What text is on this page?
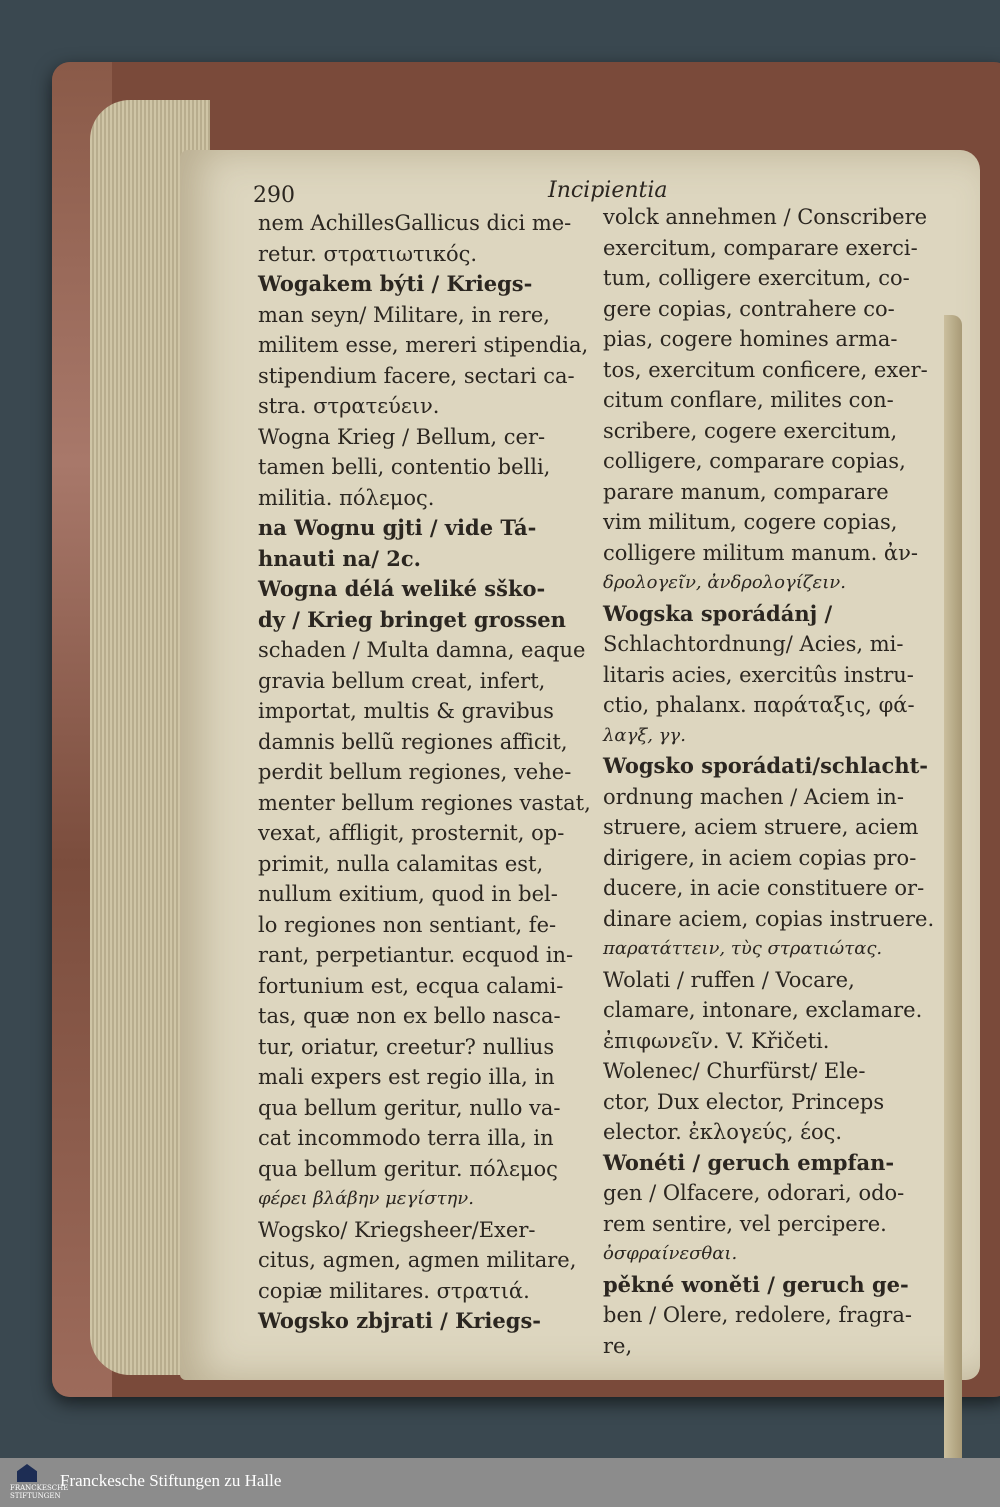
290	Incipientia
nem AchillesGallicus dici me-
retur. στρατιωτικός.
Wogakem býti / Kriegs-
man seyn/ Militare, in rere,
militem esse, mereri stipendia,
stipendium facere, sectari ca-
stra. στρατεύειν.
Wogna Krieg / Bellum, cer-
tamen belli, contentio belli,
militia. πόλεμος.
na Wognu gjti / vide Tá-
hnauti na/ 2c.
Wogna délá weliké sško-
dy / Krieg bringet grossen
schaden / Multa damna, eaque
gravia bellum creat, infert,
importat, multis & gravibus
damnis bellũ regiones afficit,
perdit bellum regiones, vehe-
menter bellum regiones vastat,
vexat, affligit, prosternit, op-
primit, nulla calamitas est,
nullum exitium, quod in bel-
lo regiones non sentiant, fe-
rant, perpetiantur. ecquod in-
fortunium est, ecqua calami-
tas, quæ non ex bello nasca-
tur, oriatur, creetur? nullius
mali expers est regio illa, in
qua bellum geritur, nullo va-
cat incommodo terra illa, in
qua bellum geritur. πόλεμος
φέρει βλάβην μεγίστην.
Wogsko/ Kriegsheer/Exer-
citus, agmen, agmen militare,
copiæ militares. στρατιά.
Wogsko zbjrati / Kriegs-
volck annehmen / Conscribere
exercitum, comparare exerci-
tum, colligere exercitum, co-
gere copias, contrahere co-
pias, cogere homines arma-
tos, exercitum conficere, exer-
citum conflare, milites con-
scribere, cogere exercitum,
colligere, comparare copias,
parare manum, comparare
vim militum, cogere copias,
colligere militum manum. ἀν-
δρολογεῖν, ἀνδρολογίζειν.
Wogska sporádánj /
Schlachtordnung/ Acies, mi-
litaris acies, exercitûs instru-
ctio, phalanx. παράταξις, φά-
λαγξ, γγ.
Wogsko sporádati/schlacht-
ordnung machen / Aciem in-
struere, aciem struere, aciem
dirigere, in aciem copias pro-
ducere, in acie constituere or-
dinare aciem, copias instruere.
παρατάττειν, τὺς στρατιώτας.
Wolati / ruffen / Vocare,
clamare, intonare, exclamare.
ἐπιφωνεῖν. V. Křičeti.
Wolenec/ Churfürst/ Ele-
ctor, Dux elector, Princeps
elector. ἐκλογεύς, έος.
Wonéti / geruch empfan-
gen / Olfacere, odorari, odo-
rem sentire, vel percipere.
ὀσφραίνεσθαι.
pěkné woněti / geruch ge-
ben / Olere, redolere, fragra-
re,
FRANCKESCHE
STIFTUNGEN
Franckesche Stiftungen zu Halle
